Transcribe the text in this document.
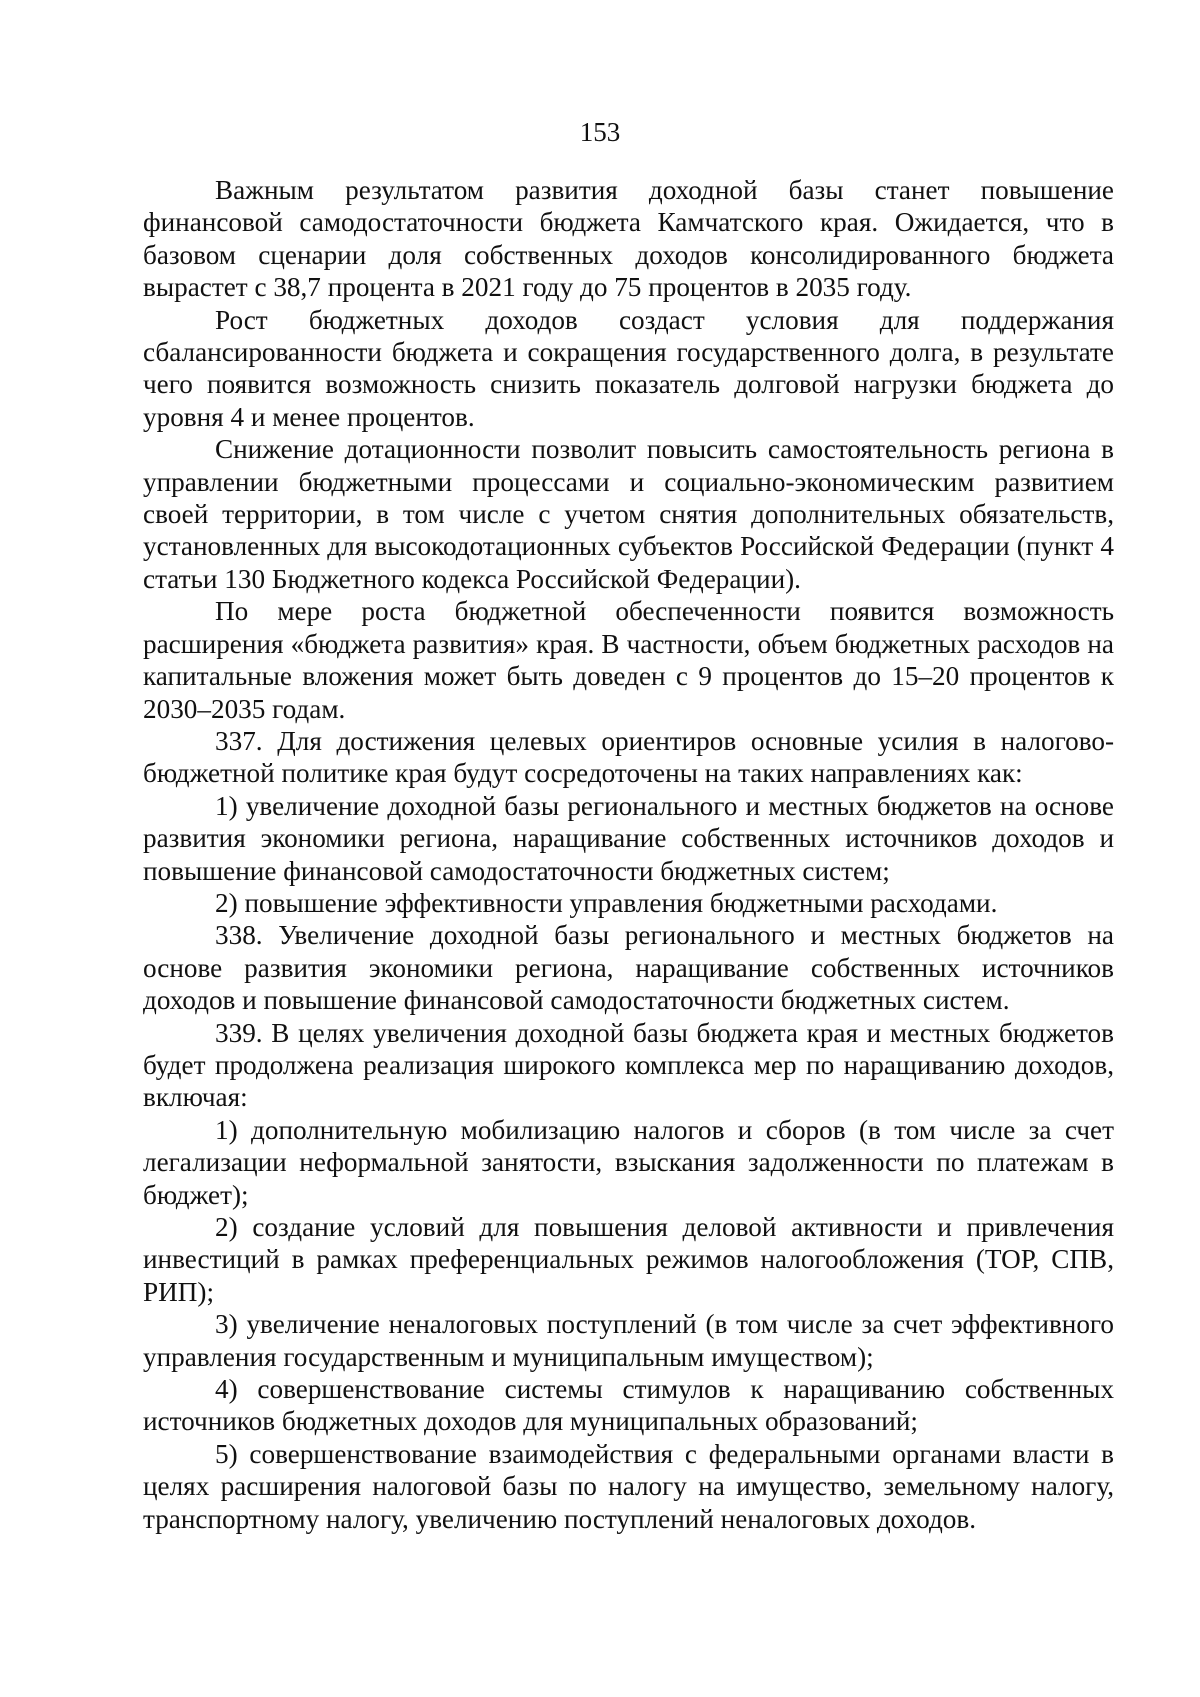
153

Важным результатом развития доходной базы станет повышение финансовой самодостаточности бюджета Камчатского края. Ожидается, что в базовом сценарии доля собственных доходов консолидированного бюджета вырастет с 38,7 процента в 2021 году до 75 процентов в 2035 году.

Рост бюджетных доходов создаст условия для поддержания сбалансированности бюджета и сокращения государственного долга, в результате чего появится возможность снизить показатель долговой нагрузки бюджета до уровня 4 и менее процентов.

Снижение дотационности позволит повысить самостоятельность региона в управлении бюджетными процессами и социально-экономическим развитием своей территории, в том числе с учетом снятия дополнительных обязательств, установленных для высокодотационных субъектов Российской Федерации (пункт 4 статьи 130 Бюджетного кодекса Российской Федерации).

По мере роста бюджетной обеспеченности появится возможность расширения «бюджета развития» края. В частности, объем бюджетных расходов на капитальные вложения может быть доведен с 9 процентов до 15–20 процентов к 2030–2035 годам.

337. Для достижения целевых ориентиров основные усилия в налогово-бюджетной политике края будут сосредоточены на таких направлениях как:

1) увеличение доходной базы регионального и местных бюджетов на основе развития экономики региона, наращивание собственных источников доходов и повышение финансовой самодостаточности бюджетных систем;

2) повышение эффективности управления бюджетными расходами.

338. Увеличение доходной базы регионального и местных бюджетов на основе развития экономики региона, наращивание собственных источников доходов и повышение финансовой самодостаточности бюджетных систем.

339. В целях увеличения доходной базы бюджета края и местных бюджетов будет продолжена реализация широкого комплекса мер по наращиванию доходов, включая:

1) дополнительную мобилизацию налогов и сборов (в том числе за счет легализации неформальной занятости, взыскания задолженности по платежам в бюджет);

2) создание условий для повышения деловой активности и привлечения инвестиций в рамках преференциальных режимов налогообложения (ТОР, СПВ, РИП);

3) увеличение неналоговых поступлений (в том числе за счет эффективного управления государственным и муниципальным имуществом);

4) совершенствование системы стимулов к наращиванию собственных источников бюджетных доходов для муниципальных образований;

5) совершенствование взаимодействия с федеральными органами власти в целях расширения налоговой базы по налогу на имущество, земельному налогу, транспортному налогу, увеличению поступлений неналоговых доходов.
